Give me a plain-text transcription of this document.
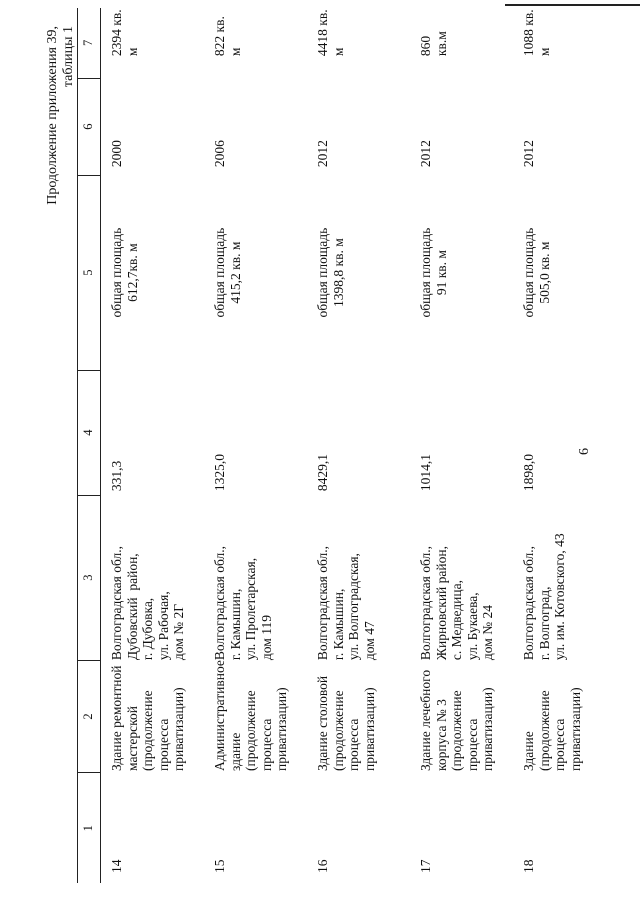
6
Продолжение приложения 39, таблицы 1
1	2	3	4	5	6	7
14	Здание ремонтной мастерской (продолжение процесса приватизации)	Волгоградская обл., Дубовский  район, г. Дубовка, ул. Рабочая, дом № 2Г	331,3	общая площадь 612,7кв. м	2000	2394 кв. м
15	Административное здание (продолжение процесса приватизации)	Волгоградская обл., г. Камышин, ул. Пролетарская, дом 119	1325,0	общая площадь 415,2 кв. м	2006	822 кв. м
16	Здание столовой (продолжение процесса приватизации)	Волгоградская обл., г. Камышин, ул. Волгоградская, дом 47	8429,1	общая площадь 1398,8 кв. м	2012	4418 кв. м
17	Здание лечебного корпуса № 3 (продолжение процесса приватизации)	Волгоградская обл., Жирновский район, с. Медведица, ул. Букаева, дом № 24	1014,1	общая площадь 91 кв. м	2012	860 кв.м
18	Здание (продолжение процесса приватизации)	Волгоградская обл., г. Волгоград, ул. им. Котовского, 43	1898,0	общая площадь 505,0 кв. м	2012	1088 кв. м
